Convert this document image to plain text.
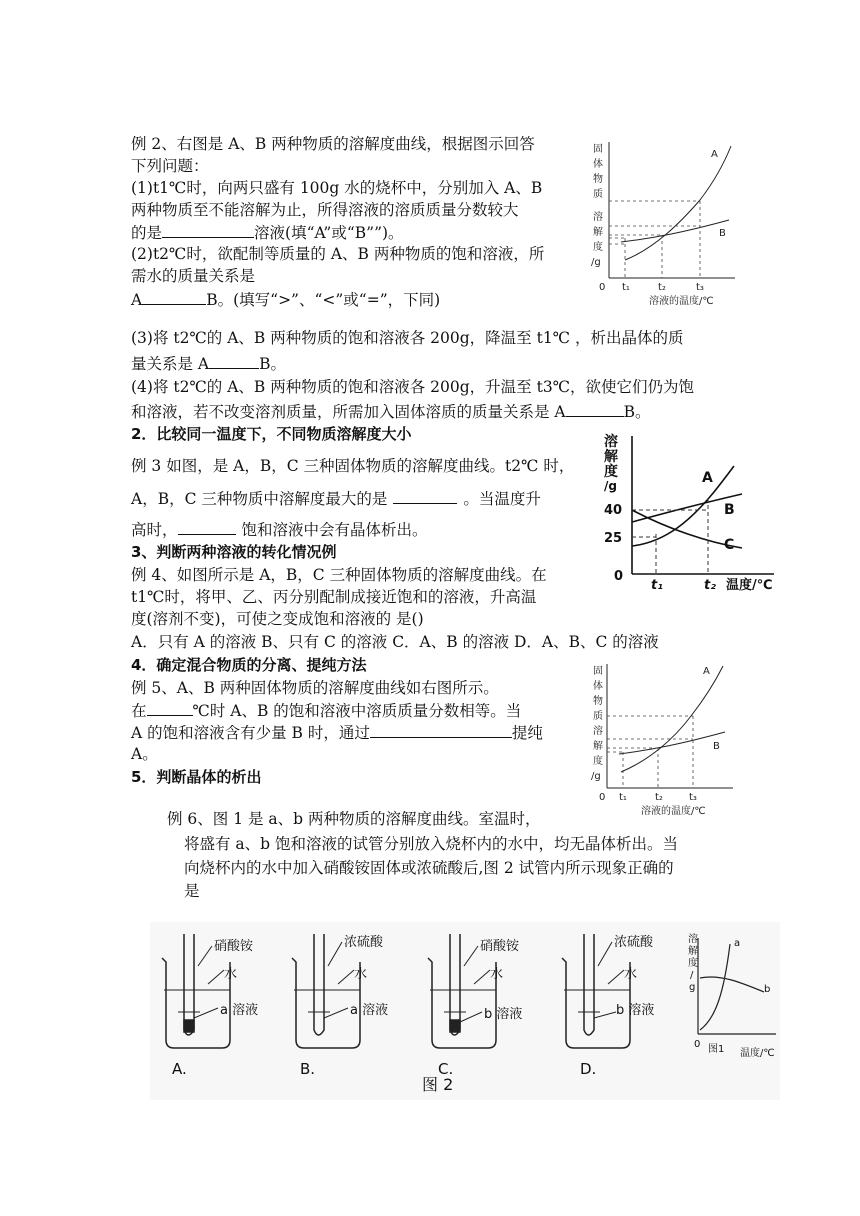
例 2、右图是 A、B 两种物质的溶解度曲线，根据图示回答
下列问题：
(1)t1℃时，向两只盛有 100g 水的烧杯中，分别加入 A、B
两种物质至不能溶解为止，所得溶液的溶质质量分数较大
的是	溶液(填“A”或“B””)。
(2)t2℃时，欲配制等质量的 A、B 两种物质的饱和溶液，所
需水的质量关系是
A	B。(填写“>”、“<”或“=”，下同)
(3)将 t2℃的 A、B 两种物质的饱和溶液各 200g，降温至 t1℃ ，析出晶体的质
量关系是 A	B。
(4)将 t2℃的 A、B 两种物质的饱和溶液各 200g，升温至 t3℃，欲使它们仍为饱
和溶液，若不改变溶剂质量，所需加入固体溶质的质量关系是 A	B。
2．比较同一温度下，不同物质溶解度大小
例 3 如图，是 A，B，C 三种固体物质的溶解度曲线。t2℃ 时，
A，B，C 三种物质中溶解度最大的是	。当温度升
高时，	饱和溶液中会有晶体析出。
3、判断两种溶液的转化情况例
例 4、如图所示是 A，B，C 三种固体物质的溶解度曲线。在
t1℃时，将甲、乙、丙分别配制成接近饱和的溶液，升高温
度(溶剂不变)，可使之变成饱和溶液的 是()
A．只有 A 的溶液 B、只有 C 的溶液 C．A、B 的溶液 D．A、B、C 的溶液
4．确定混合物质的分离、提纯方法
例 5、A、B 两种固体物质的溶解度曲线如右图所示。
在	℃时 A、B 的饱和溶液中溶质质量分数相等。当
A 的饱和溶液含有少量 B 时，通过	提纯
A。
5．判断晶体的析出
例 6、图 1 是 a、b 两种物质的溶解度曲线。室温时，
将盛有 a、b 饱和溶液的试管分别放入烧杯内的水中，均无晶体析出。当
向烧杯内的水中加入硝酸铵固体或浓硫酸后,图 2 试管内所示现象正确的
是
固
体
物
质
溶
解
度
/g
0 t₁	t₂	t₃
溶液的温度/℃
A
B
溶
解
度
/g
40
25
0
t₁	t₂ 温度/℃
A
B
C
固
体
物
质
溶
解
度
/g
0 t₁	t₂	t₃
溶液的温度/℃
A
B
硝酸铵
水
a 溶液
A.
浓硫酸
水
a 溶液
B.
硝酸铵
水
b 溶液
C.
浓硫酸
水
b 溶液
D.
溶
解
度
/
g
0
a
b
图1 温度/℃
图 2
